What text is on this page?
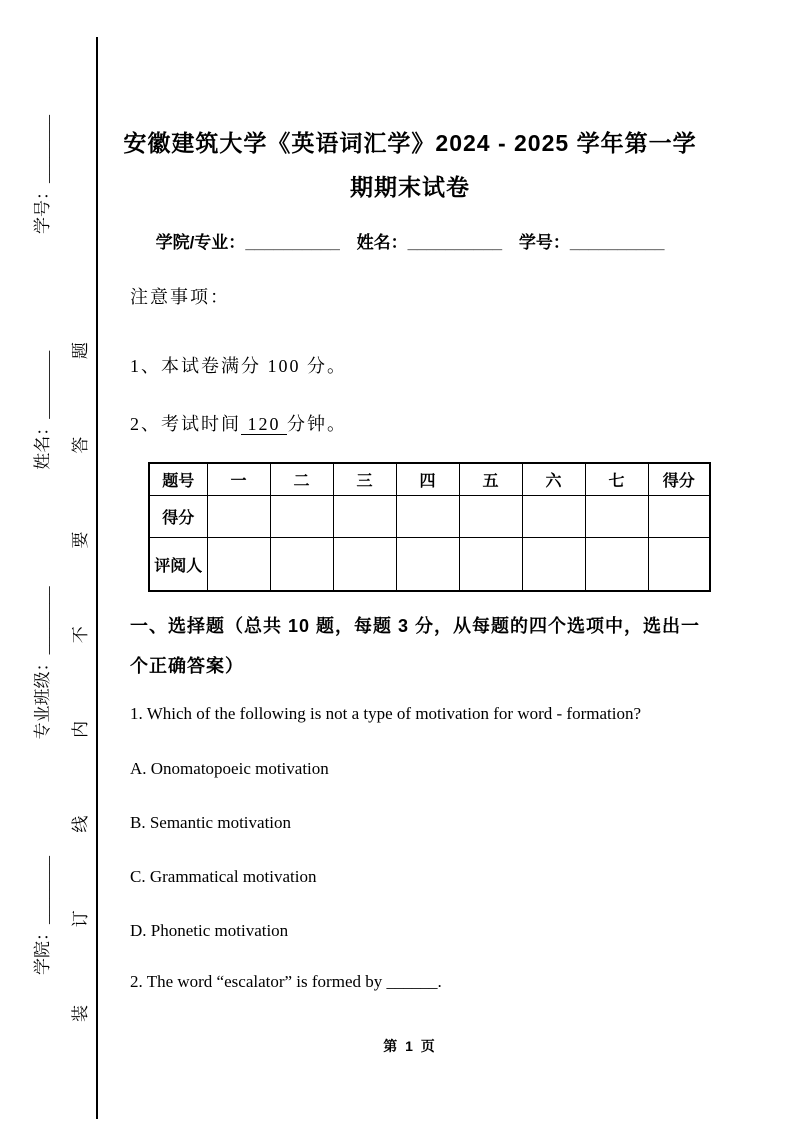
学院：________
专业班级：________
姓名：________
学号：________
装
订
线
内
不
要
答
题
安徽建筑大学《英语词汇学》2024 - 2025 学年第一学
期期末试卷
学院/专业：__________ 姓名：__________ 学号：__________
注意事项：
1、本试卷满分 100 分。
2、考试时间 120 分钟。
题号	一	二	三	四	五	六	七	得分
得分								
评阅人								
一、选择题（总共 10 题，每题 3 分，从每题的四个选项中，选出一
个正确答案）
1. Which of the following is not a type of motivation for word - formation?
A. Onomatopoeic motivation
B. Semantic motivation
C. Grammatical motivation
D. Phonetic motivation
2. The word “escalator” is formed by ______.
第 1 页
